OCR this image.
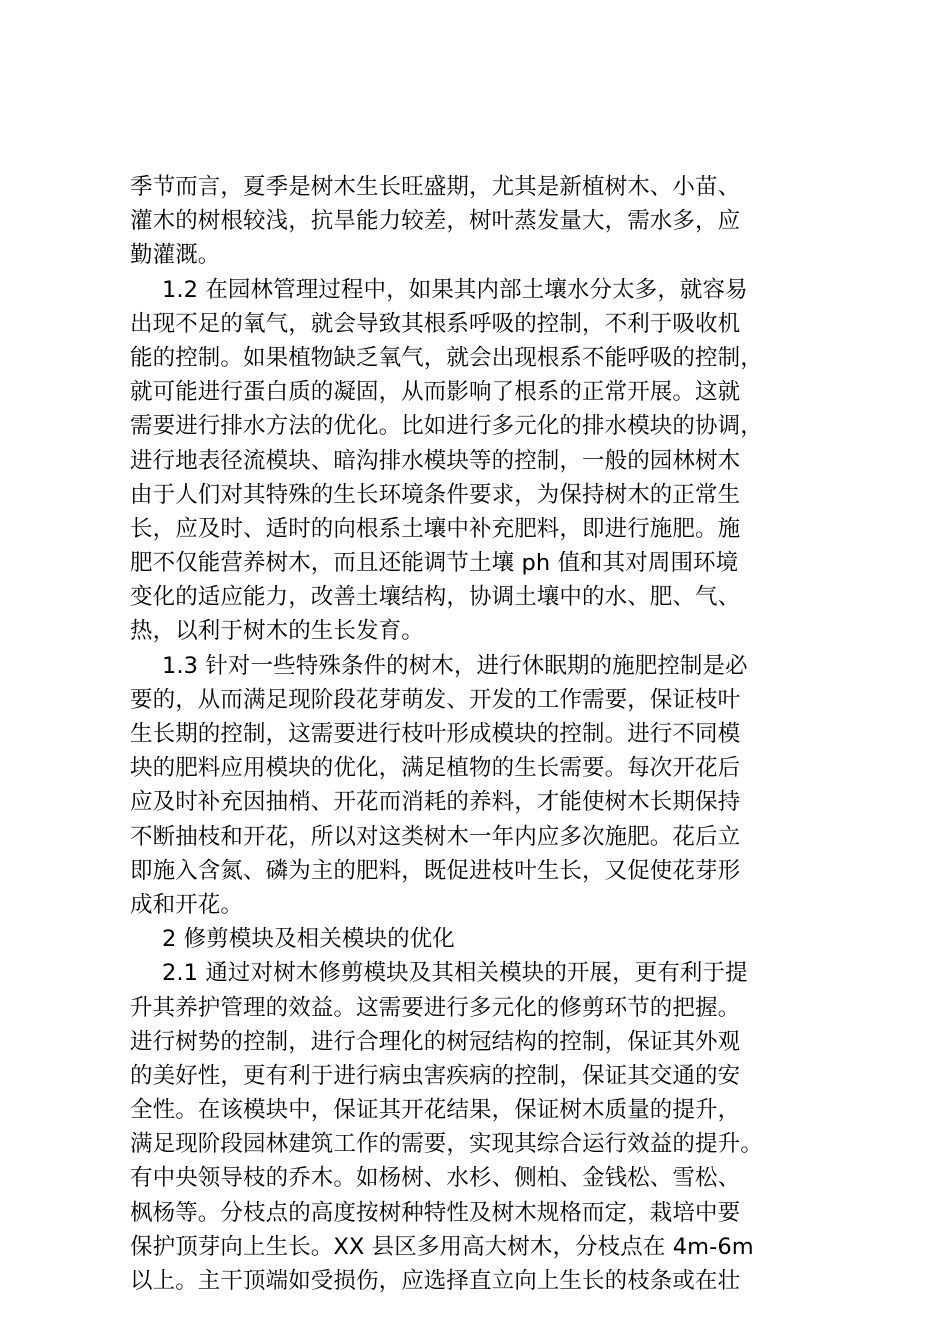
季节而言，夏季是树木生长旺盛期，尤其是新植树木、小苗、
灌木的树根较浅，抗旱能力较差，树叶蒸发量大，需水多，应
勤灌溉。
1.2 在园林管理过程中，如果其内部土壤水分太多，就容易
出现不足的氧气，就会导致其根系呼吸的控制，不利于吸收机
能的控制。如果植物缺乏氧气，就会出现根系不能呼吸的控制，
就可能进行蛋白质的凝固，从而影响了根系的正常开展。这就
需要进行排水方法的优化。比如进行多元化的排水模块的协调，
进行地表径流模块、暗沟排水模块等的控制，一般的园林树木
由于人们对其特殊的生长环境条件要求，为保持树木的正常生
长，应及时、适时的向根系土壤中补充肥料，即进行施肥。施
肥不仅能营养树木，而且还能调节土壤 ph 值和其对周围环境
变化的适应能力，改善土壤结构，协调土壤中的水、肥、气、
热，以利于树木的生长发育。
1.3 针对一些特殊条件的树木，进行休眠期的施肥控制是必
要的，从而满足现阶段花芽萌发、开发的工作需要，保证枝叶
生长期的控制，这需要进行枝叶形成模块的控制。进行不同模
块的肥料应用模块的优化，满足植物的生长需要。每次开花后
应及时补充因抽梢、开花而消耗的养料，才能使树木长期保持
不断抽枝和开花，所以对这类树木一年内应多次施肥。花后立
即施入含氮、磷为主的肥料，既促进枝叶生长，又促使花芽形
成和开花。
2 修剪模块及相关模块的优化
2.1 通过对树木修剪模块及其相关模块的开展，更有利于提
升其养护管理的效益。这需要进行多元化的修剪环节的把握。
进行树势的控制，进行合理化的树冠结构的控制，保证其外观
的美好性，更有利于进行病虫害疾病的控制，保证其交通的安
全性。在该模块中，保证其开花结果，保证树木质量的提升，
满足现阶段园林建筑工作的需要，实现其综合运行效益的提升。
有中央领导枝的乔木。如杨树、水杉、侧柏、金钱松、雪松、
枫杨等。分枝点的高度按树种特性及树木规格而定，栽培中要
保护顶芽向上生长。XX 县区多用高大树木，分枝点在 4m-6m
以上。主干顶端如受损伤，应选择直立向上生长的枝条或在壮
